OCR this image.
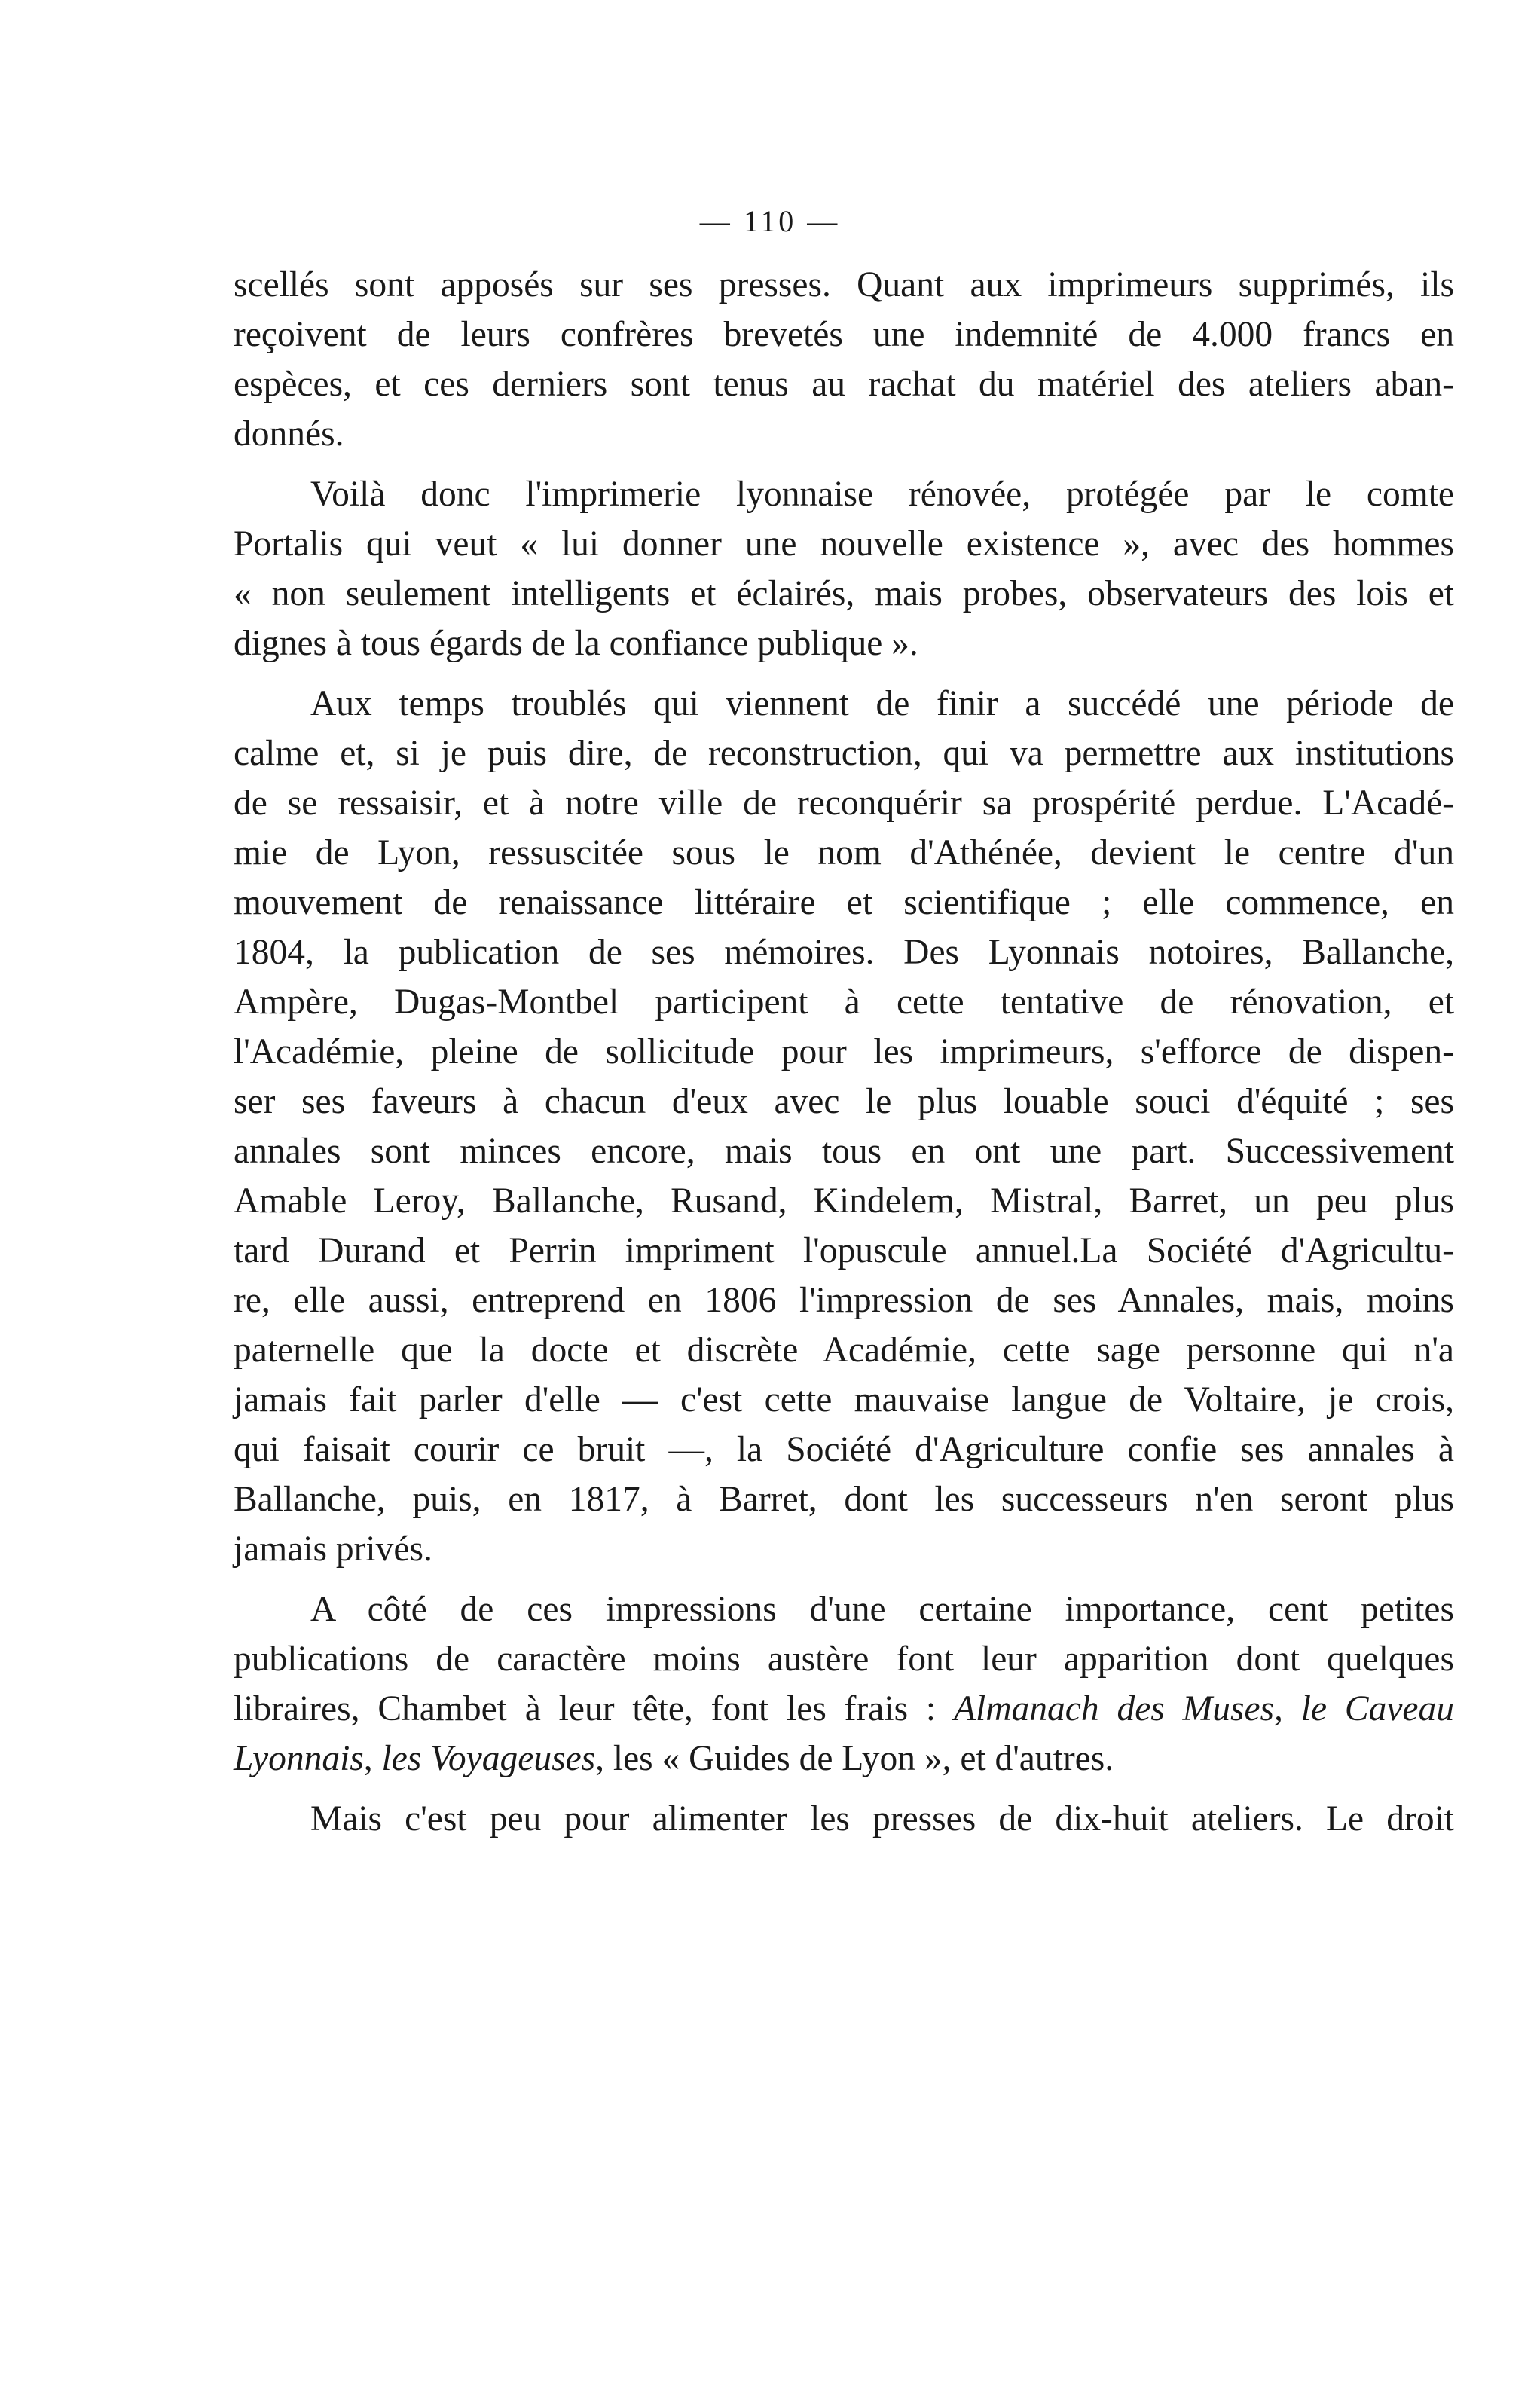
— 110 —
scellés sont apposés sur ses presses. Quant aux imprimeurs supprimés, ils
reçoivent de leurs confrères brevetés une indemnité de 4.000 francs en
espèces, et ces derniers sont tenus au rachat du matériel des ateliers aban-
donnés.
Voilà donc l'imprimerie lyonnaise rénovée, protégée par le comte
Portalis qui veut « lui donner une nouvelle existence », avec des hommes
« non seulement intelligents et éclairés, mais probes, observateurs des lois et
dignes à tous égards de la confiance publique ».
Aux temps troublés qui viennent de finir a succédé une période de
calme et, si je puis dire, de reconstruction, qui va permettre aux institutions
de se ressaisir, et à notre ville de reconquérir sa prospérité perdue. L'Acadé-
mie de Lyon, ressuscitée sous le nom d'Athénée, devient le centre d'un
mouvement de renaissance littéraire et scientifique ; elle commence, en
1804, la publication de ses mémoires. Des Lyonnais notoires, Ballanche,
Ampère, Dugas-Montbel participent à cette tentative de rénovation, et
l'Académie, pleine de sollicitude pour les imprimeurs, s'efforce de dispen-
ser ses faveurs à chacun d'eux avec le plus louable souci d'équité ; ses
annales sont minces encore, mais tous en ont une part. Successivement
Amable Leroy, Ballanche, Rusand, Kindelem, Mistral, Barret, un peu plus
tard Durand et Perrin impriment l'opuscule annuel.La Société d'Agricultu-
re, elle aussi, entreprend en 1806 l'impression de ses Annales, mais, moins
paternelle que la docte et discrète Académie, cette sage personne qui n'a
jamais fait parler d'elle — c'est cette mauvaise langue de Voltaire, je crois,
qui faisait courir ce bruit —, la Société d'Agriculture confie ses annales à
Ballanche, puis, en 1817, à Barret, dont les successeurs n'en seront plus
jamais privés.
A côté de ces impressions d'une certaine importance, cent petites
publications de caractère moins austère font leur apparition dont quelques
libraires, Chambet à leur tête, font les frais : Almanach des Muses, le Caveau
Lyonnais, les Voyageuses, les « Guides de Lyon », et d'autres.
Mais c'est peu pour alimenter les presses de dix-huit ateliers. Le droit
